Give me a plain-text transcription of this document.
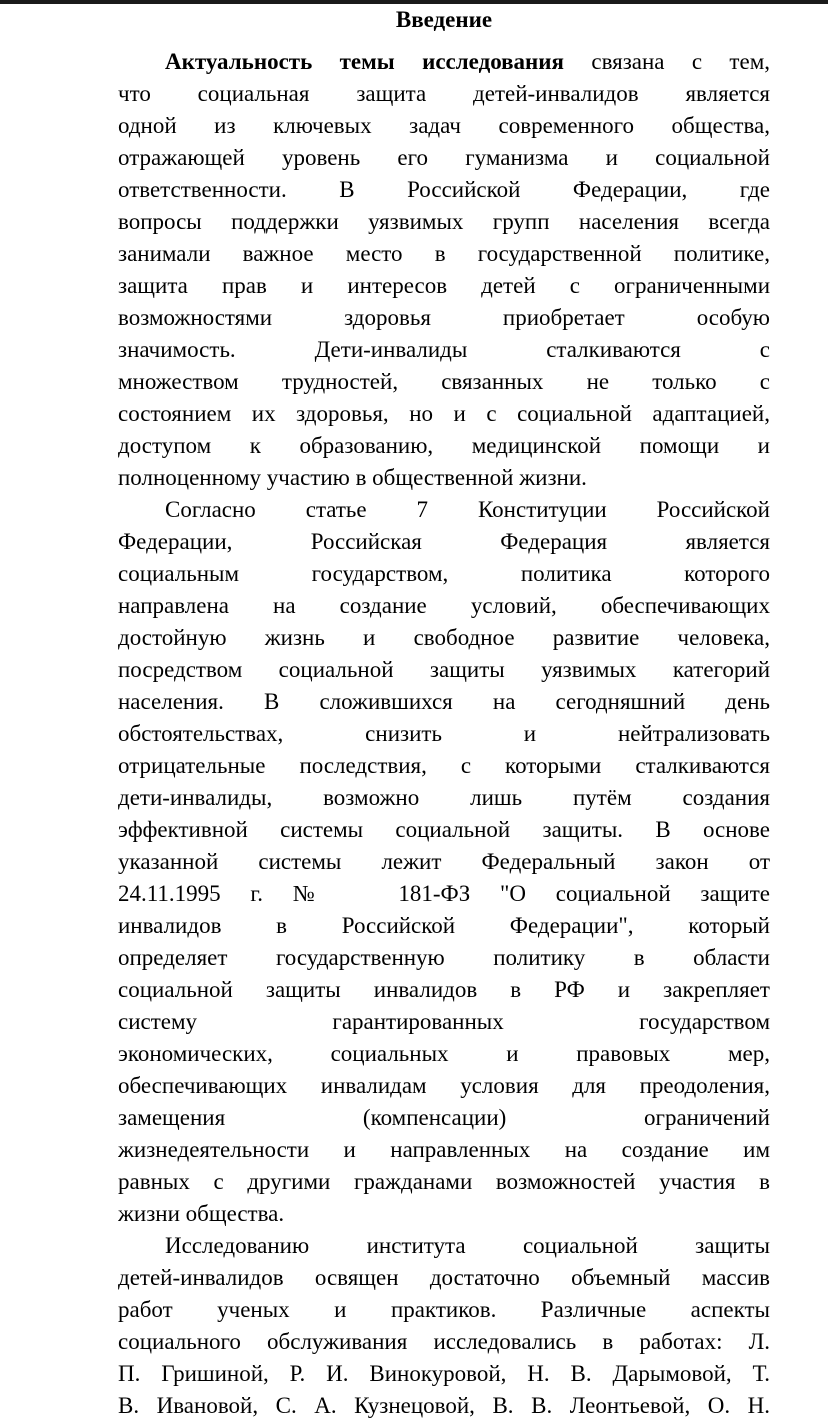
Введение
Актуальность темы исследования связана с тем,
что социальная защита детей-инвалидов является
одной из ключевых задач современного общества,
отражающей уровень его гуманизма и социальной
ответственности. В Российской Федерации, где
вопросы поддержки уязвимых групп населения всегда
занимали важное место в государственной политике,
защита прав и интересов детей с ограниченными
возможностями здоровья приобретает особую
значимость. Дети-инвалиды сталкиваются с
множеством трудностей, связанных не только с
состоянием их здоровья, но и с социальной адаптацией,
доступом к образованию, медицинской помощи и
полноценному участию в общественной жизни.
Согласно статье 7 Конституции Российской
Федерации, Российская Федерация является
социальным государством, политика которого
направлена на создание условий, обеспечивающих
достойную жизнь и свободное развитие человека,
посредством социальной защиты уязвимых категорий
населения. В сложившихся на сегодняшний день
обстоятельствах, снизить и нейтрализовать
отрицательные последствия, с которыми сталкиваются
дети-инвалиды, возможно лишь путём создания
эффективной системы социальной защиты. В основе
указанной системы лежит Федеральный закон от
24.11.1995 г. №  181-ФЗ "О социальной защите
инвалидов в Российской Федерации", который
определяет государственную политику в области
социальной защиты инвалидов в РФ и закрепляет
систему гарантированных государством
экономических, социальных и правовых мер,
обеспечивающих инвалидам условия для преодоления,
замещения (компенсации) ограничений
жизнедеятельности и направленных на создание им
равных с другими гражданами возможностей участия в
жизни общества.
Исследованию института социальной защиты
детей-инвалидов освящен достаточно объемный массив
работ ученых и практиков. Различные аспекты
социального обслуживания исследовались в работах: Л.
П. Гришиной, Р. И. Винокуровой, Н. В. Дарымовой, Т.
В. Ивановой, С. А. Кузнецовой, В. В. Леонтьевой, О. Н.
